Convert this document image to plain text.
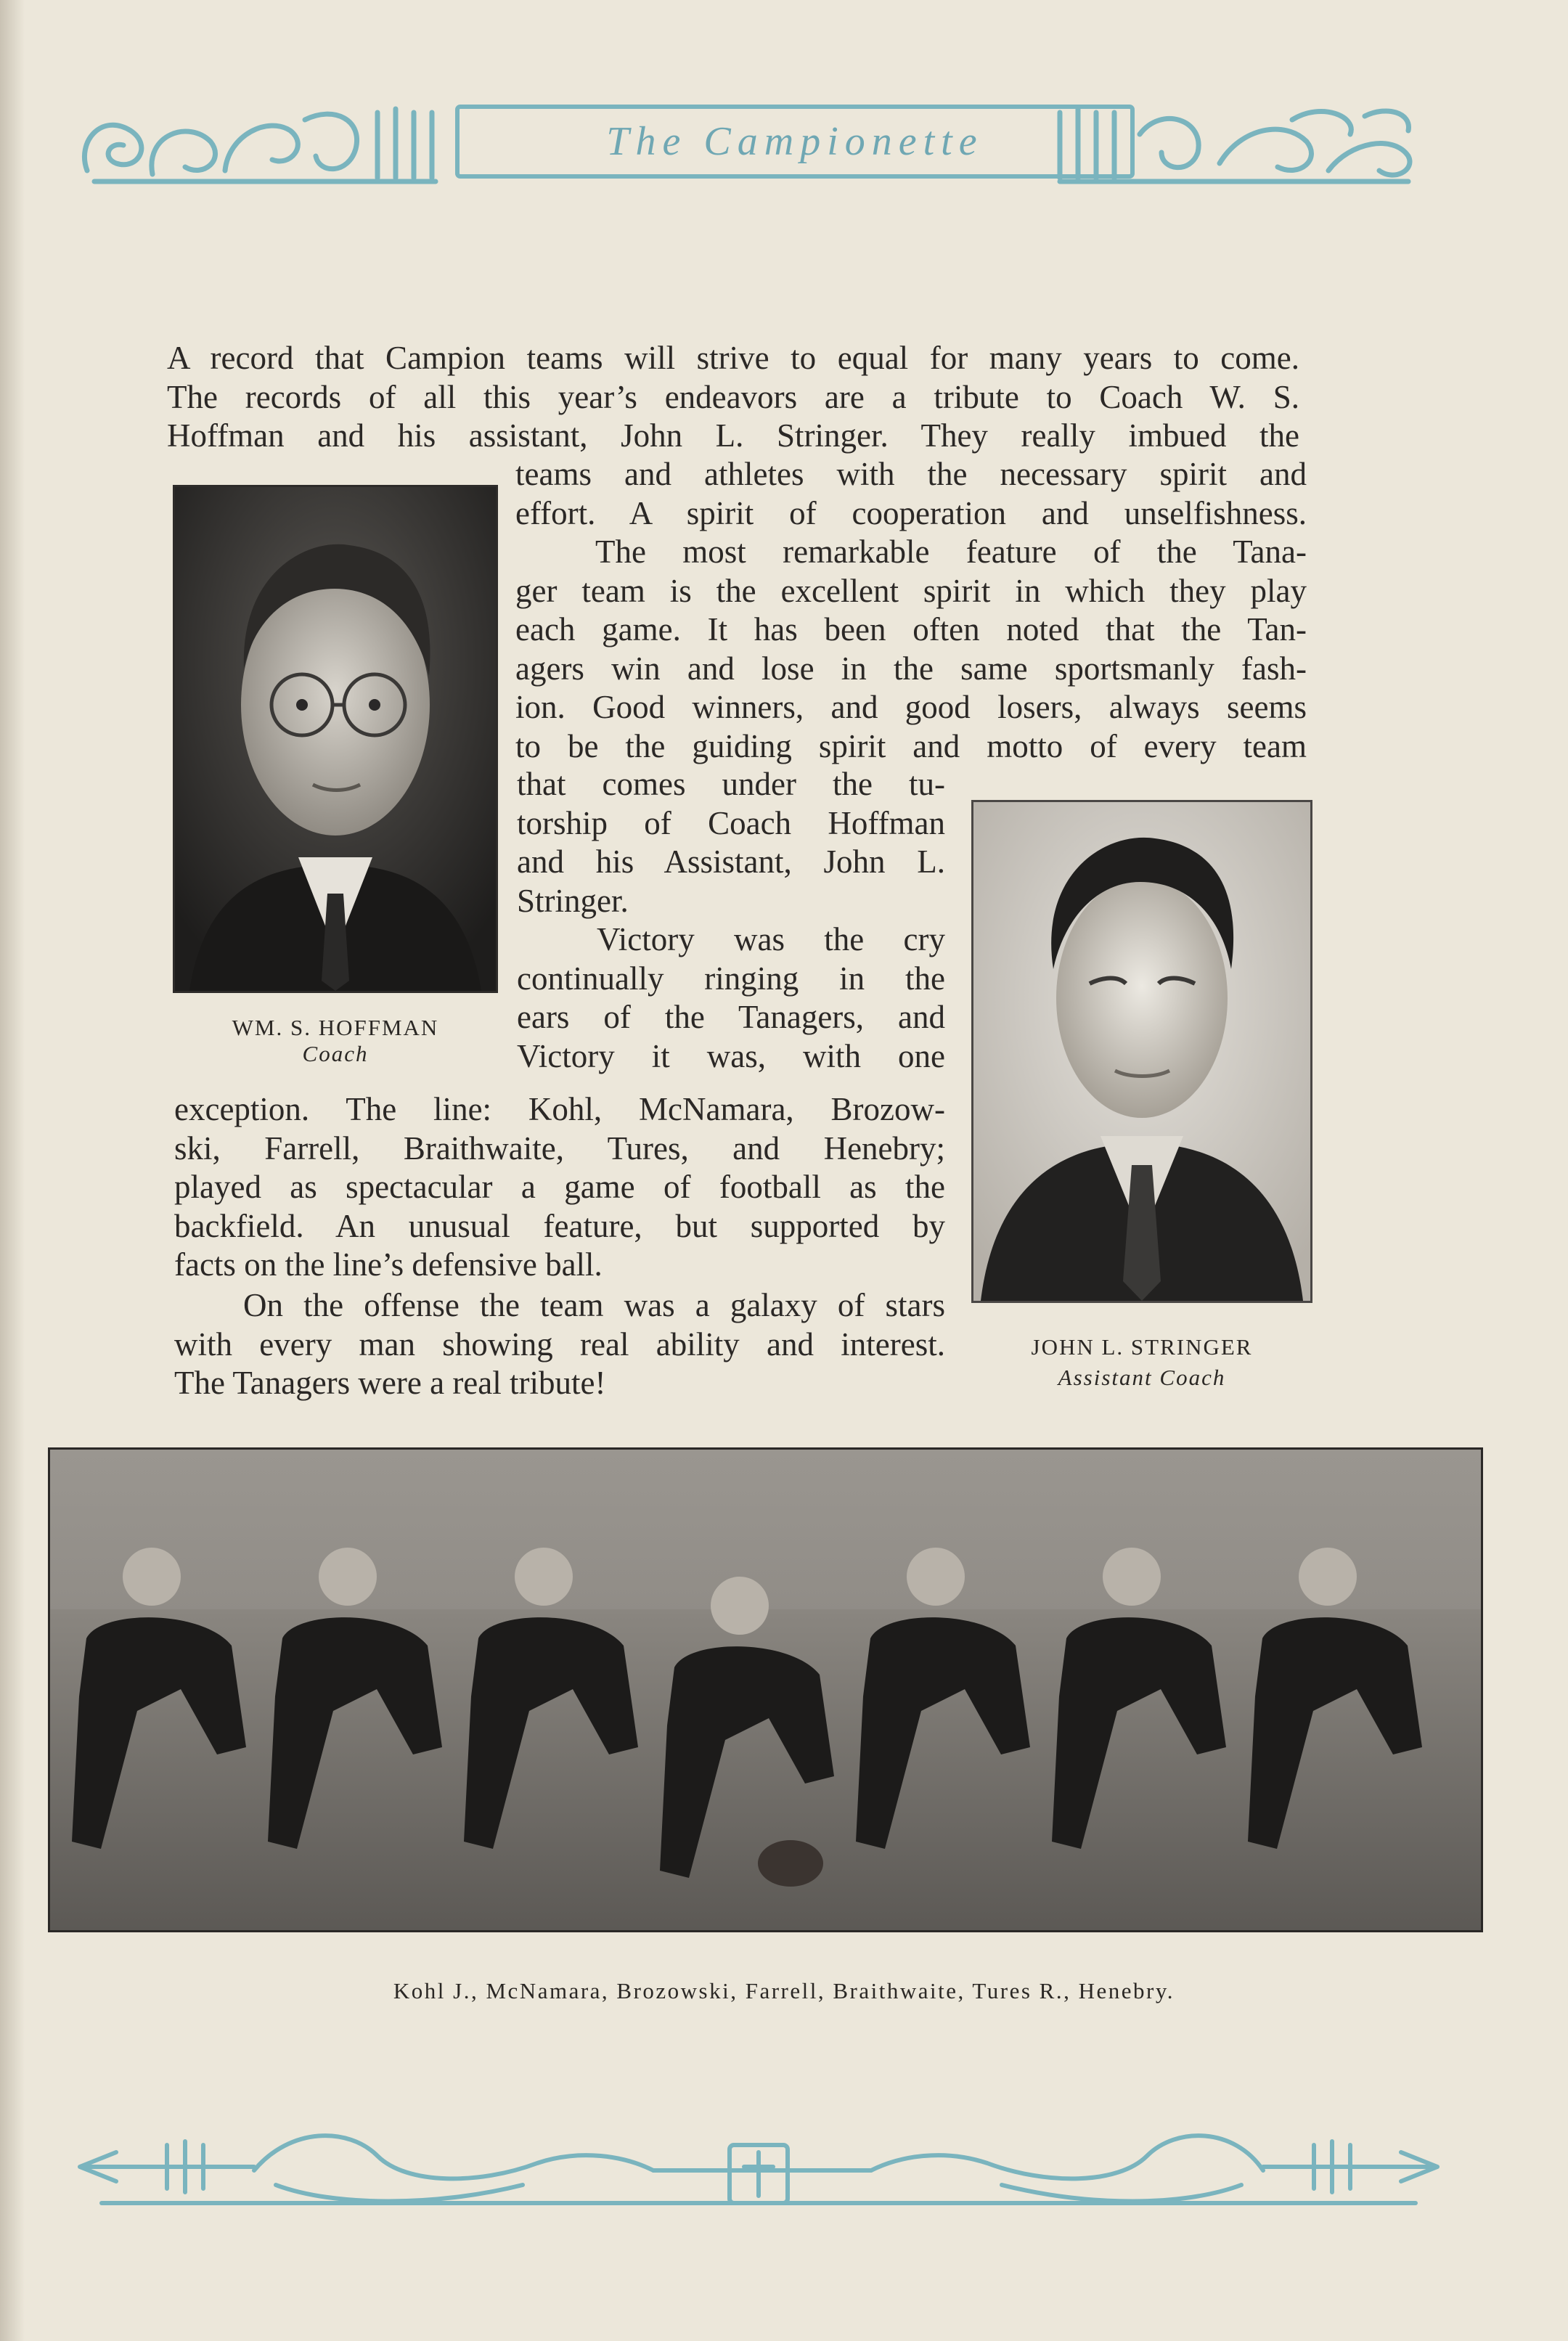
The Campionette
A record that Campion teams will strive to equal for many years to come.
The records of all this year’s endeavors are a tribute to Coach W. S.
Hoffman and his assistant, John L. Stringer. They really imbued the
teams and athletes with the necessary spirit and
effort. A spirit of cooperation and unselfishness.
The most remarkable feature of the Tana-
ger team is the excellent spirit in which they play
each game. It has been often noted that the Tan-
agers win and lose in the same sportsmanly fash-
ion. Good winners, and good losers, always seems
to be the guiding spirit and motto of every team
that comes under the tu-
torship of Coach Hoffman
and his Assistant, John L.
Stringer.
Victory was the cry
continually ringing in the
ears of the Tanagers, and
Victory it was, with one
exception. The line: Kohl, McNamara, Brozow-
ski, Farrell, Braithwaite, Tures, and Henebry;
played as spectacular a game of football as the
backfield. An unusual feature, but supported by
facts on the line’s defensive ball.
On the offense the team was a galaxy of stars
with every man showing real ability and interest.
The Tanagers were a real tribute!
WM. S. HOFFMAN
Coach
JOHN L. STRINGER
Assistant Coach
Kohl J., McNamara, Brozowski, Farrell, Braithwaite, Tures R., Henebry.
